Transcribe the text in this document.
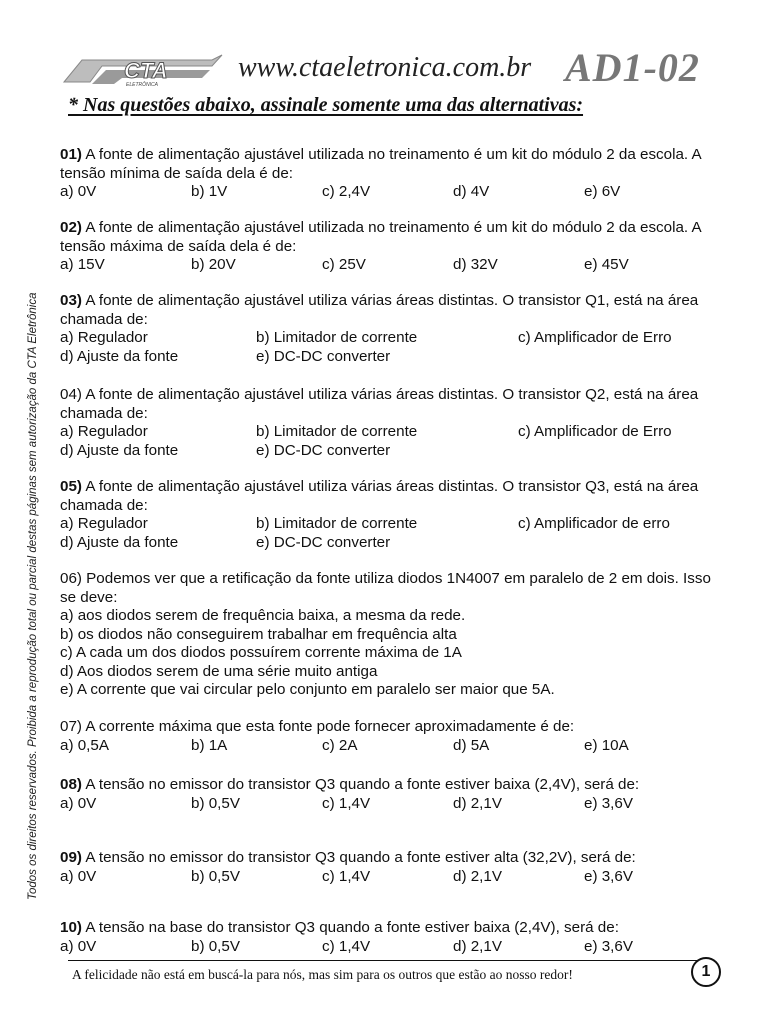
CTA
ELETRÔNICA
www.ctaeletronica.com.br AD1-02
* Nas questões abaixo, assinale somente uma das alternativas:
Todos os direitos reservados. Proibida a reprodução total ou parcial destas páginas sem autorização da CTA Eletrônica
01) A fonte de alimentação ajustável utilizada no treinamento é um kit do módulo 2 da escola. A tensão mínima de saída dela é de:
a) 0V	b) 1V	c) 2,4V	d) 4V	e) 6V
02) A fonte de alimentação ajustável utilizada no treinamento é um kit do módulo 2 da escola. A tensão máxima de saída dela é de:
a) 15V	b) 20V	c) 25V	d) 32V	e) 45V
03) A fonte de alimentação ajustável utiliza várias áreas distintas. O transistor Q1, está na área chamada de:
a) Regulador	b) Limitador de corrente	c) Amplificador de Erro
d) Ajuste da fonte	e) DC-DC converter
04) A fonte de alimentação ajustável utiliza várias áreas distintas. O transistor Q2, está na área chamada de:
a) Regulador	b) Limitador de corrente	c) Amplificador de Erro
d) Ajuste da fonte	e) DC-DC converter
05) A fonte de alimentação ajustável utiliza várias áreas distintas. O transistor Q3, está na área chamada de:
a) Regulador	b) Limitador de corrente	c) Amplificador de erro
d) Ajuste da fonte	e) DC-DC converter
06) Podemos ver que a retificação da fonte utiliza diodos 1N4007 em paralelo de 2 em dois. Isso se deve:
a) aos diodos serem de frequência baixa, a mesma da rede.
b) os diodos não conseguirem trabalhar em frequência alta
c) A cada um dos diodos possuírem corrente máxima de 1A
d) Aos diodos serem de uma série muito antiga
e) A corrente que vai circular pelo conjunto em paralelo ser maior que 5A.
07) A corrente máxima que esta fonte pode fornecer aproximadamente é de:
a) 0,5A	b) 1A	c) 2A	d) 5A	e) 10A
08) A tensão no emissor do transistor Q3 quando a fonte estiver baixa (2,4V), será de:
a) 0V	b) 0,5V	c) 1,4V	d) 2,1V	e) 3,6V
09) A tensão no emissor do transistor Q3 quando a fonte estiver alta (32,2V), será de:
a) 0V	b) 0,5V	c) 1,4V	d) 2,1V	e) 3,6V
10) A tensão na base do transistor Q3 quando a fonte estiver baixa (2,4V), será de:
a) 0V	b) 0,5V	c) 1,4V	d) 2,1V	e) 3,6V
A felicidade não está em buscá-la para nós, mas sim para os outros que estão ao nosso redor!	1
